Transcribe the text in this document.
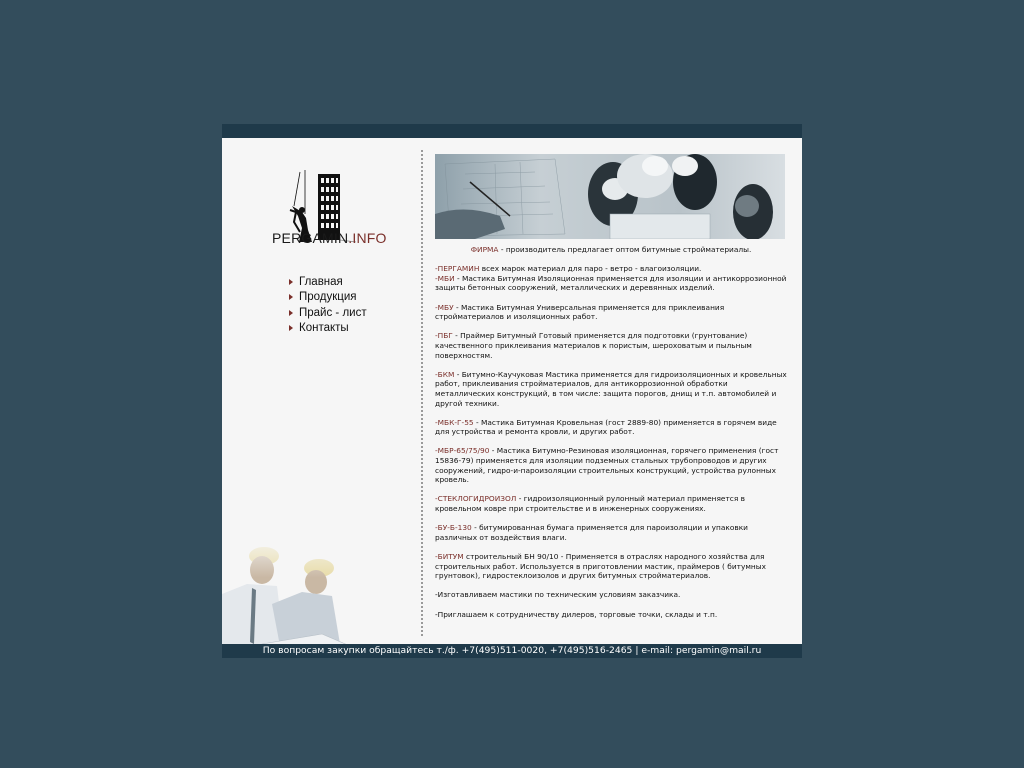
PERGAMIN.INFO
Главная
Продукция
Прайс - лист
Контакты

ФИРМА - производитель предлагает оптом битумные стройматериалы.

-ПЕРГАМИН всех марок материал для паро - ветро - влагоизоляции.

-МБИ - Мастика Битумная Изоляционная применяется для изоляции и антикоррозионной защиты бетонных сооружений, металлических и деревянных изделий.

-МБУ - Мастика Битумная Универсальная применяется для приклеивания стройматериалов и изоляционных работ.

-ПБГ - Праймер Битумный Готовый применяется для подготовки (грунтование) качественного приклеивания материалов к пористым, шероховатым и пыльным поверхностям.

-БКМ - Битумно-Каучуковая Мастика применяется для гидроизоляционных и кровельных работ, приклеивания стройматериалов, для антикоррозионной обработки металлических конструкций, в том числе: защита порогов, днищ и т.п. автомобилей и другой техники.

-МБК-Г-55 - Мастика Битумная Кровельная (гост 2889-80) применяется в горячем виде для устройства и ремонта кровли, и других работ.

-МБР-65/75/90 - Мастика Битумно-Резиновая изоляционная, горячего применения (гост 15836-79) применяется для изоляции подземных стальных трубопроводов и других сооружений, гидро-и-пароизоляции строительных конструкций, устройства рулонных кровель.

-СТЕКЛОГИДРОИЗОЛ - гидроизоляционный рулонный материал применяется в кровельном ковре при строительстве и в инженерных сооружениях.

-БУ-Б-130 - битумированная бумага применяется для пароизоляции и упаковки различных от воздействия влаги.

-БИТУМ строительный БН 90/10 - Применяется в отраслях народного хозяйства для строительных работ. Используется в приготовлении мастик, праймеров ( битумных грунтовок), гидростеклоизолов и других битумных стройматериалов.

-Изготавливаем мастики по техническим условиям заказчика.

-Приглашаем к сотрудничеству дилеров, торговые точки, склады и т.п.

По вопросам закупки обращайтесь т./ф. +7(495)511-0020, +7(495)516-2465 | e-mail: pergamin@mail.ru
